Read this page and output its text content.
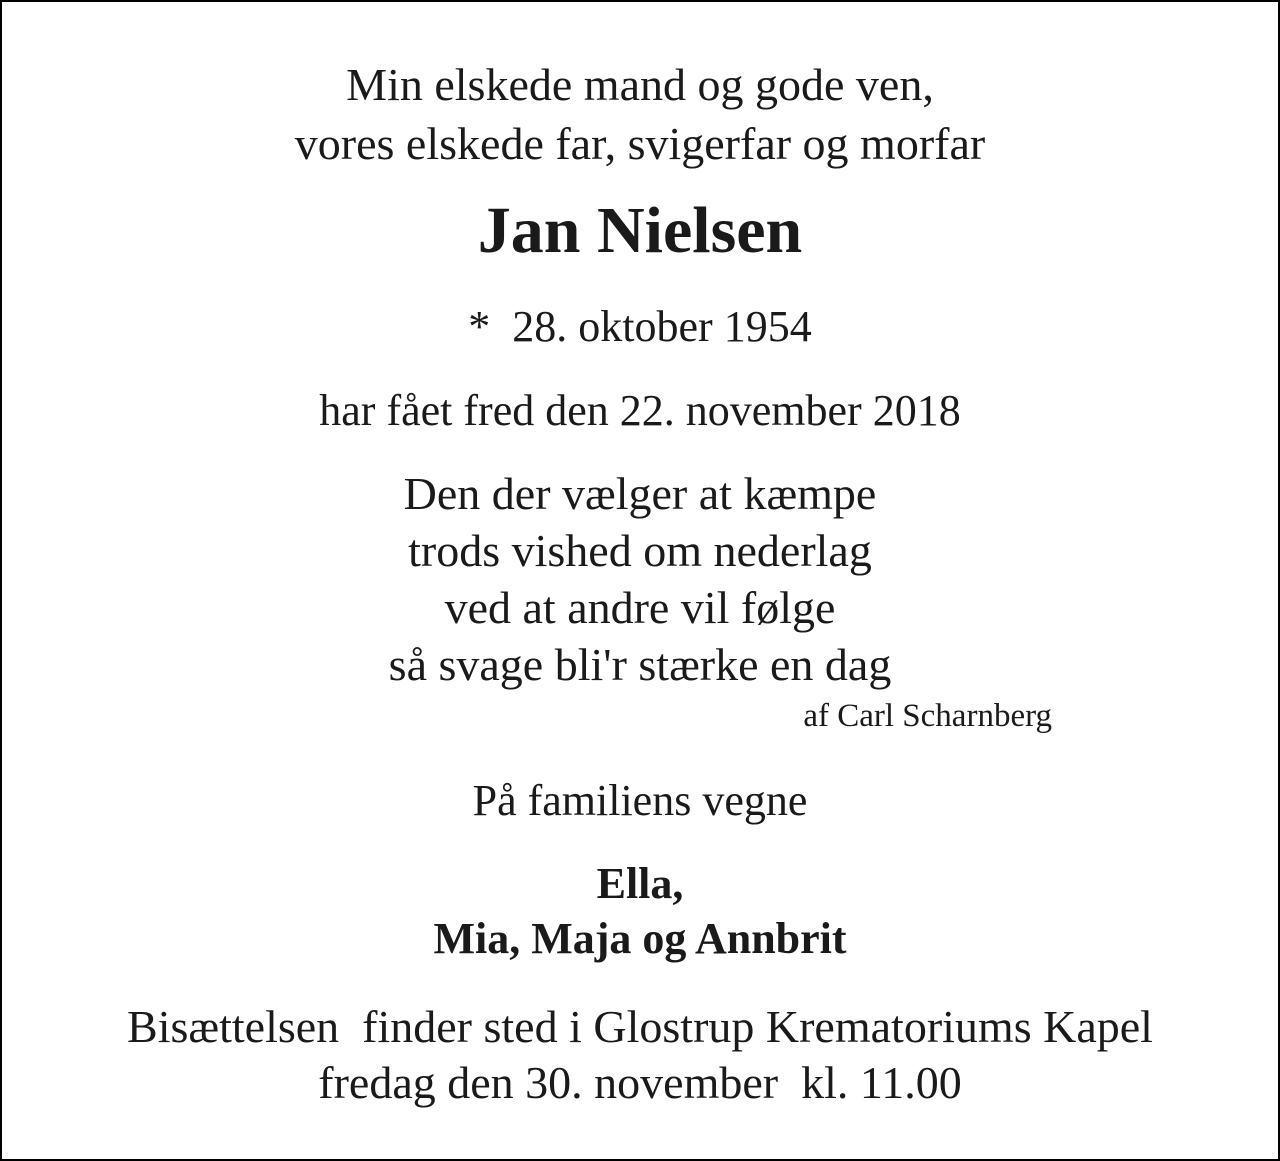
Min elskede mand og gode ven,
vores elskede far, svigerfar og morfar
Jan Nielsen
*  28. oktober 1954
har fået fred den 22. november 2018
Den der vælger at kæmpe
trods vished om nederlag
ved at andre vil følge
så svage bli'r stærke en dag
af Carl Scharnberg
På familiens vegne
Ella,
Mia, Maja og Annbrit
Bisættelsen  finder sted i Glostrup Krematoriums Kapel
fredag den 30. november  kl. 11.00
